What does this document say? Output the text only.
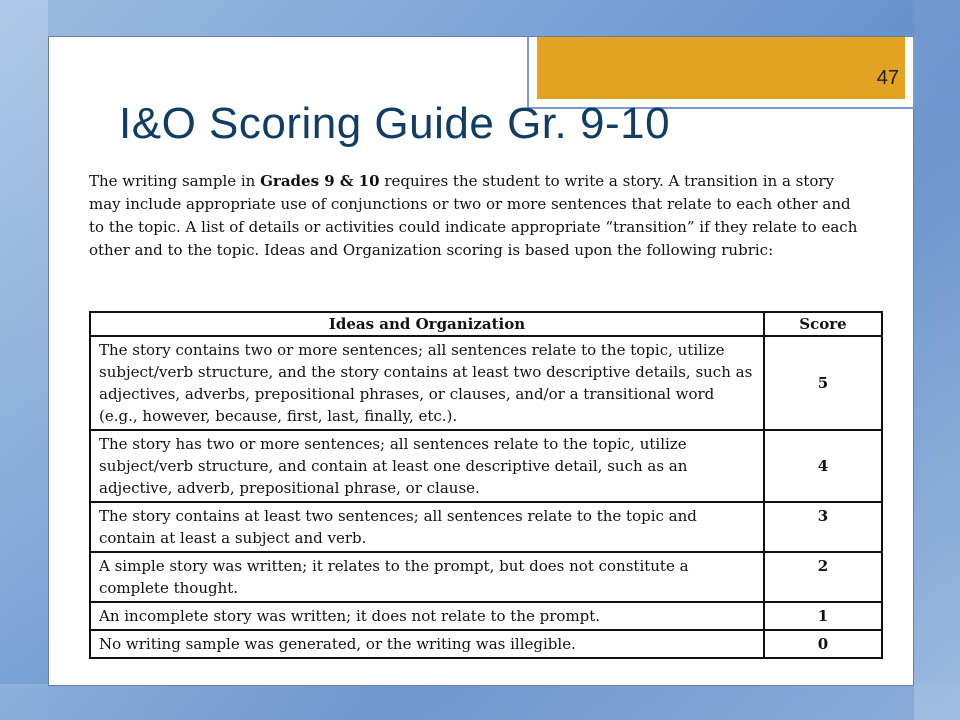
47
I&O Scoring Guide Gr. 9-10

The writing sample in Grades 9 & 10 requires the student to write a story. A transition in a story may include appropriate use of conjunctions or two or more sentences that relate to each other and to the topic. A list of details or activities could indicate appropriate “transition” if they relate to each other and to the topic. Ideas and Organization scoring is based upon the following rubric:

Ideas and Organization	Score
The story contains two or more sentences; all sentences relate to the topic, utilize subject/verb structure, and the story contains at least two descriptive details, such as adjectives, adverbs, prepositional phrases, or clauses, and/or a transitional word (e.g., however, because, first, last, finally, etc.).	5
The story has two or more sentences; all sentences relate to the topic, utilize subject/verb structure, and contain at least one descriptive detail, such as an adjective, adverb, prepositional phrase, or clause.	4
The story contains at least two sentences; all sentences relate to the topic and contain at least a subject and verb.	3
A simple story was written; it relates to the prompt, but does not constitute a complete thought.	2
An incomplete story was written; it does not relate to the prompt.	1
No writing sample was generated, or the writing was illegible.	0
